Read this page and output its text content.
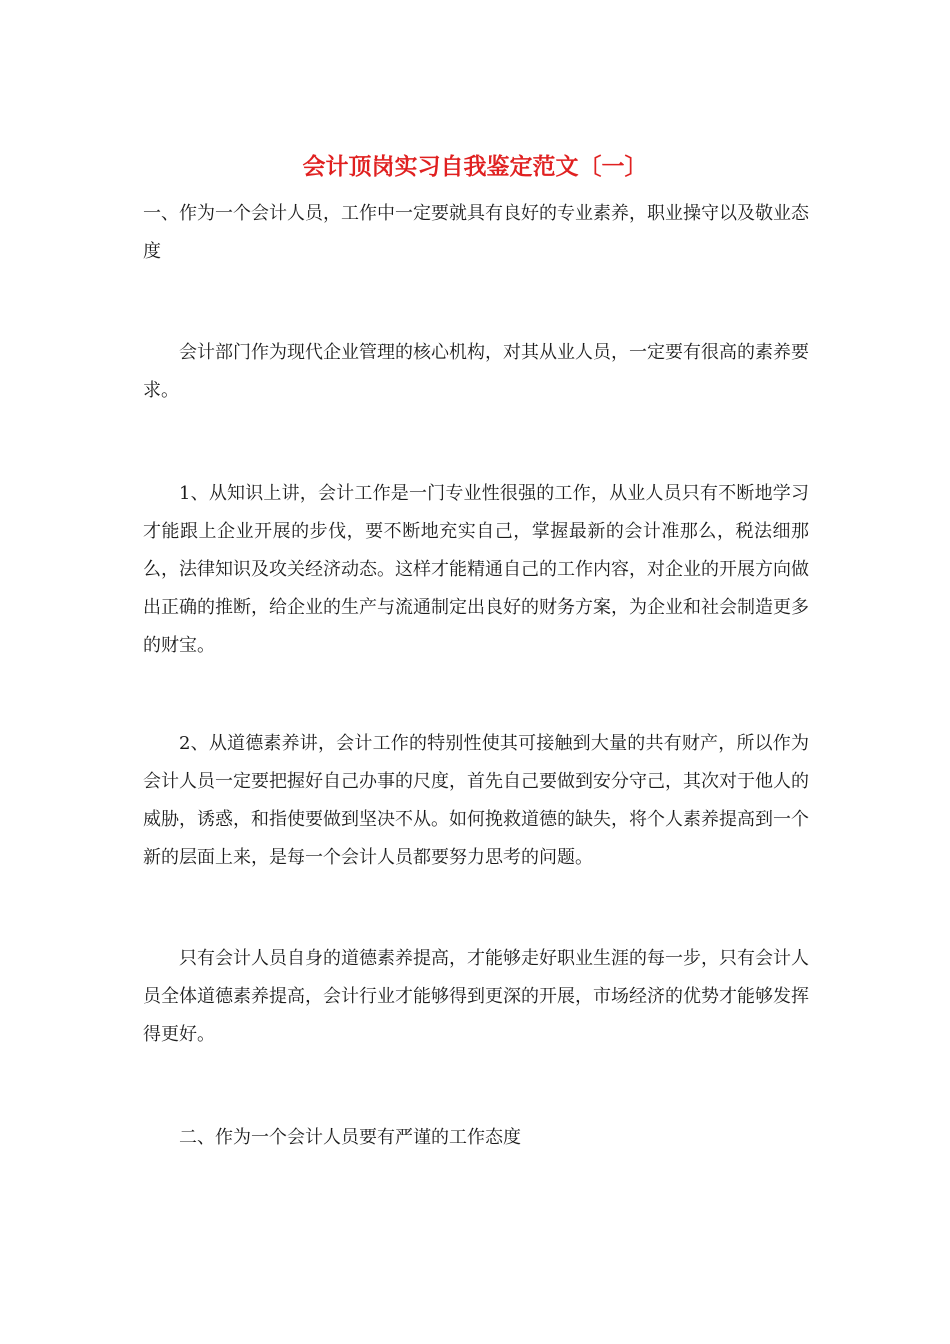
会计顶岗实习自我鉴定范文〔一〕

一、作为一个会计人员，工作中一定要就具有良好的专业素养，职业操守以及敬业态度

会计部门作为现代企业管理的核心机构，对其从业人员，一定要有很高的素养要求。

1、从知识上讲，会计工作是一门专业性很强的工作，从业人员只有不断地学习才能跟上企业开展的步伐，要不断地充实自己，掌握最新的会计准那么，税法细那么，法律知识及攻关经济动态。这样才能精通自己的工作内容，对企业的开展方向做出正确的推断，给企业的生产与流通制定出良好的财务方案，为企业和社会制造更多的财宝。

2、从道德素养讲，会计工作的特别性使其可接触到大量的共有财产，所以作为会计人员一定要把握好自己办事的尺度，首先自己要做到安分守己，其次对于他人的威胁，诱惑，和指使要做到坚决不从。如何挽救道德的缺失，将个人素养提高到一个新的层面上来，是每一个会计人员都要努力思考的问题。

只有会计人员自身的道德素养提高，才能够走好职业生涯的每一步，只有会计人员全体道德素养提高，会计行业才能够得到更深的开展，市场经济的优势才能够发挥得更好。

二、作为一个会计人员要有严谨的工作态度
